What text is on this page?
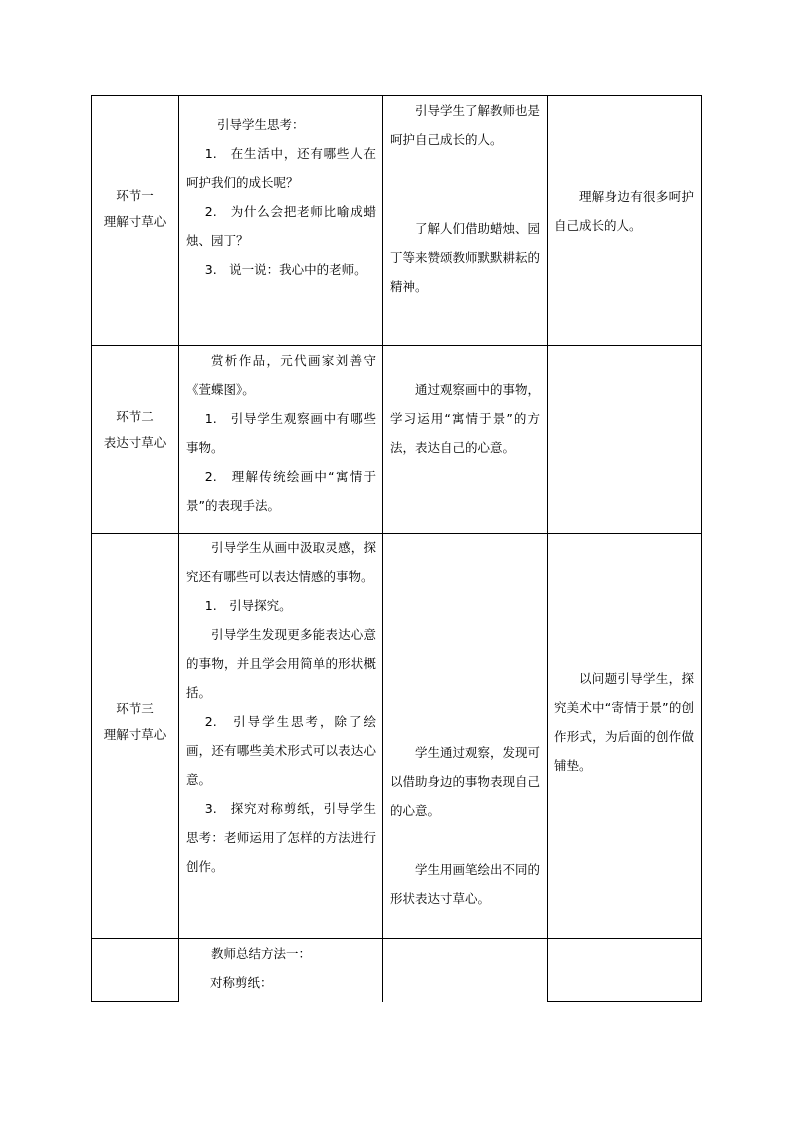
环节一
理解寸草心
引导学生思考：
1.　在生活中，还有哪些人在呵护我们的成长呢？
2.　为什么会把老师比喻成蜡烛、园丁？
3.　说一说：我心中的老师。
引导学生了解教师也是呵护自己成长的人。
了解人们借助蜡烛、园丁等来赞颂教师默默耕耘的精神。
理解身边有很多呵护自己成长的人。
环节二
表达寸草心
赏析作品，元代画家刘善守《萱蝶图》。
1.　引导学生观察画中有哪些事物。
2.　理解传统绘画中“寓情于景”的表现手法。
通过观察画中的事物，学习运用“寓情于景”的方法，表达自己的心意。
环节三
理解寸草心
引导学生从画中汲取灵感，探究还有哪些可以表达情感的事物。
1.　引导探究。
引导学生发现更多能表达心意的事物，并且学会用简单的形状概括。
2.　引导学生思考，除了绘画，还有哪些美术形式可以表达心意。
3.　探究对称剪纸，引导学生思考：老师运用了怎样的方法进行创作。
学生通过观察，发现可以借助身边的事物表现自己的心意。
学生用画笔绘出不同的形状表达寸草心。
以问题引导学生，探究美术中“寄情于景”的创作形式，为后面的创作做铺垫。
教师总结方法一：
对称剪纸：
